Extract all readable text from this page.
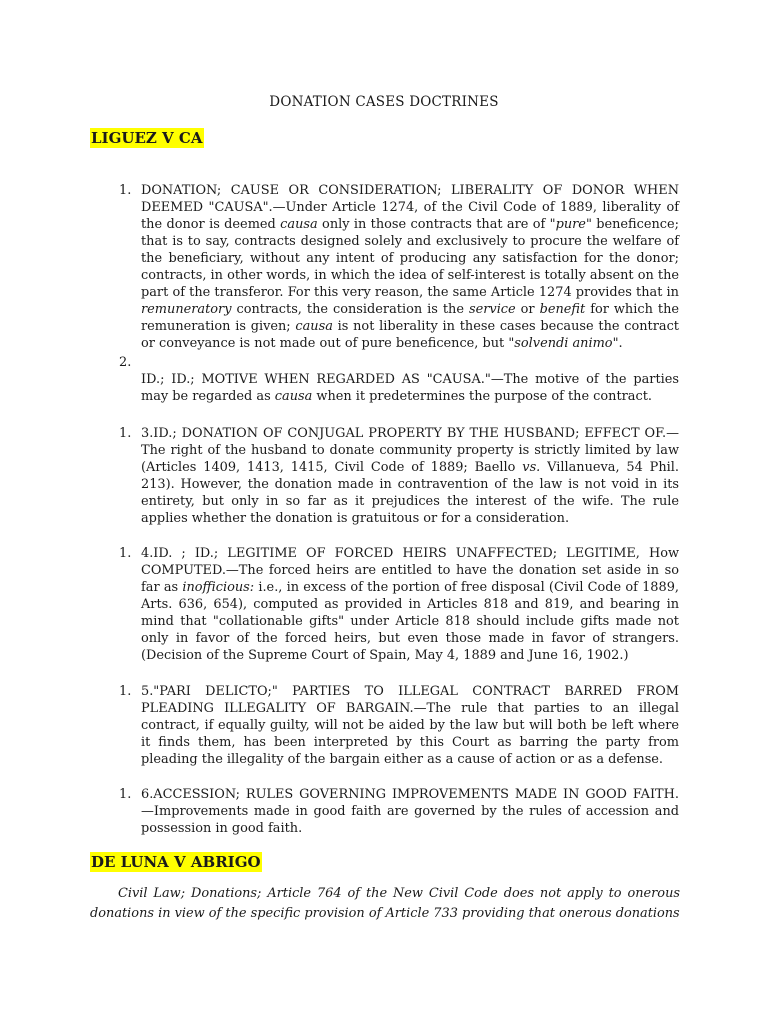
DONATION CASES DOCTRINES
LIGUEZ V CA
1. DONATION; CAUSE OR CONSIDERATION; LIBERALITY OF DONOR WHEN DEEMED "CAUSA".—Under Article 1274, of the Civil Code of 1889, liberality of the donor is deemed causa only in those contracts that are of "pure" beneficence; that is to say, contracts designed solely and exclusively to procure the welfare of the beneficiary, without any intent of producing any satisfaction for the donor; contracts, in other words, in which the idea of self-interest is totally absent on the part of the transferor. For this very reason, the same Article 1274 provides that in remuneratory contracts, the consideration is the service or benefit for which the remuneration is given; causa is not liberality in these cases because the contract or conveyance is not made out of pure beneficence, but "solvendi animo".
2.
ID.; ID.; MOTIVE WHEN REGARDED AS "CAUSA."—The motive of the parties may be regarded as causa when it predetermines the purpose of the contract.
1. 3.ID.; DONATION OF CONJUGAL PROPERTY BY THE HUSBAND; EFFECT OF.—The right of the husband to donate community property is strictly limited by law (Articles 1409, 1413, 1415, Civil Code of 1889; Baello vs. Villanueva, 54 Phil. 213). However, the donation made in contravention of the law is not void in its entirety, but only in so far as it prejudices the interest of the wife. The rule applies whether the donation is gratuitous or for a consideration.
1. 4.ID. ; ID.; LEGITIME OF FORCED HEIRS UNAFFECTED; LEGITIME, How COMPUTED.—The forced heirs are entitled to have the donation set aside in so far as inofficious: i.e., in excess of the portion of free disposal (Civil Code of 1889, Arts. 636, 654), computed as provided in Articles 818 and 819, and bearing in mind that "collationable gifts" under Article 818 should include gifts made not only in favor of the forced heirs, but even those made in favor of strangers. (Decision of the Supreme Court of Spain, May 4, 1889 and June 16, 1902.)
1. 5."PARI DELICTO;" PARTIES TO ILLEGAL CONTRACT BARRED FROM PLEADING ILLEGALITY OF BARGAIN.—The rule that parties to an illegal contract, if equally guilty, will not be aided by the law but will both be left where it finds them, has been interpreted by this Court as barring the party from pleading the illegality of the bargain either as a cause of action or as a defense.
1. 6.ACCESSION; RULES GOVERNING IMPROVEMENTS MADE IN GOOD FAITH.—Improvements made in good faith are governed by the rules of accession and possession in good faith.
DE LUNA V ABRIGO
Civil Law; Donations; Article 764 of the New Civil Code does not apply to onerous donations in view of the specific provision of Article 733 providing that onerous donations
